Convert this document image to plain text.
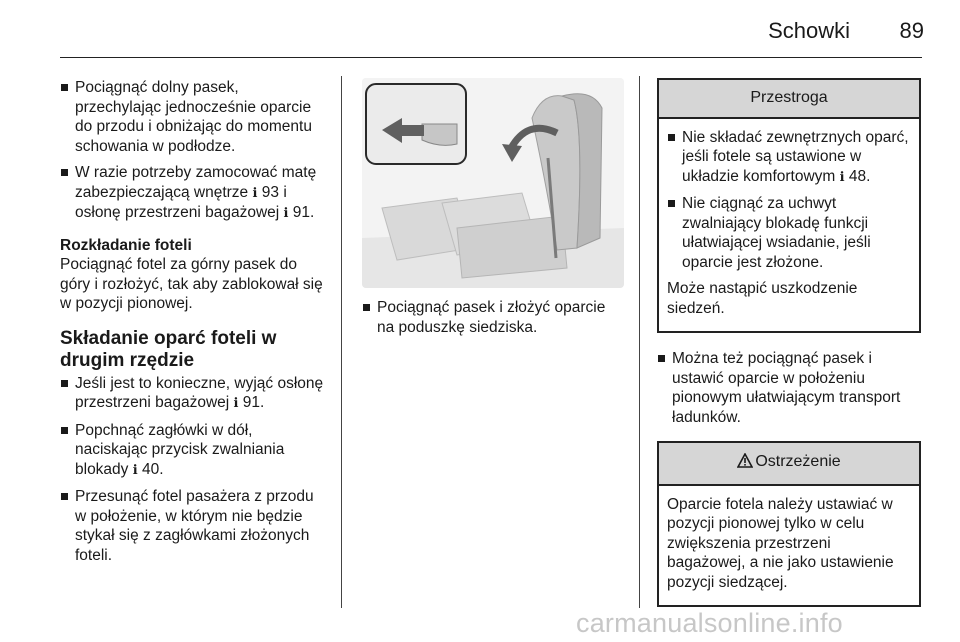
Schowki	89
Pociągnąć dolny pasek, przechylając jednocześnie oparcie do przodu i obniżając do momentu schowania w podłodze.
W razie potrzeby zamocować matę zabezpieczającą wnętrze ℹ 93 i osłonę przestrzeni bagażowej ℹ 91.
Rozkładanie foteli
Pociągnąć fotel za górny pasek do góry i rozłożyć, tak aby zablokował się w pozycji pionowej.
Składanie oparć foteli w drugim rzędzie
Jeśli jest to konieczne, wyjąć osłonę przestrzeni bagażowej ℹ 91.
Popchnąć zagłówki w dół, naciskając przycisk zwalniania blokady ℹ 40.
Przesunąć fotel pasażera z przodu w położenie, w którym nie będzie stykał się z zagłówkami złożonych foteli.
Pociągnąć pasek i złożyć oparcie na poduszkę siedziska.
Przestroga
Nie składać zewnętrznych oparć, jeśli fotele są ustawione w układzie komfortowym ℹ 48.
Nie ciągnąć za uchwyt zwalniający blokadę funkcji ułatwiającej wsiadanie, jeśli oparcie jest złożone.
Może nastąpić uszkodzenie siedzeń.
Można też pociągnąć pasek i ustawić oparcie w położeniu pionowym ułatwiającym transport ładunków.
Ostrzeżenie
Oparcie fotela należy ustawiać w pozycji pionowej tylko w celu zwiększenia przestrzeni bagażowej, a nie jako ustawienie pozycji siedzącej.
carmanualsonline.info
